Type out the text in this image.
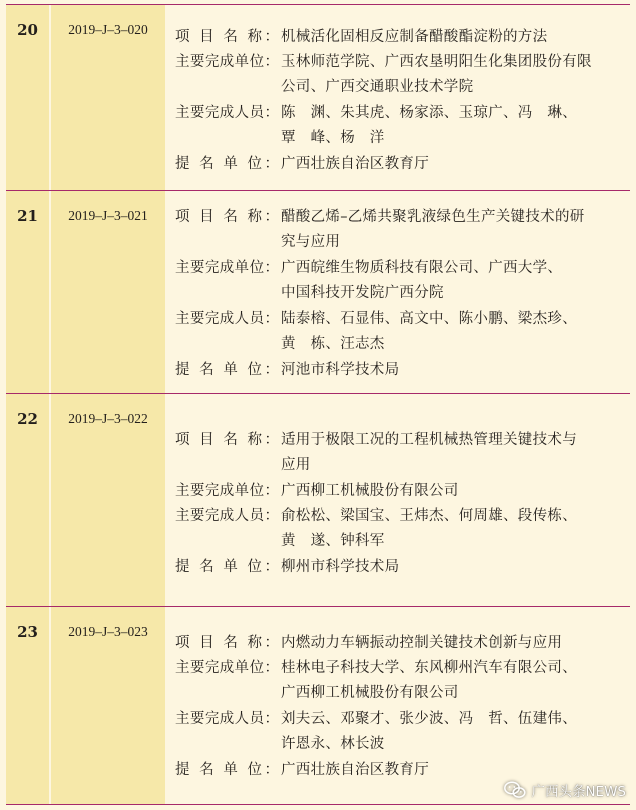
20	2019–J–3–020	项 目 名 称： 机械活化固相反应制备醋酸酯淀粉的方法
主要完成单位： 玉林师范学院、广西农垦明阳生化集团股份有限
公司、广西交通职业技术学院
主要完成人员： 陈　渊、朱其虎、杨家添、玉琼广、冯　琳、
覃　峰、杨　洋
提 名 单 位： 广西壮族自治区教育厅
21	2019–J–3–021	项 目 名 称： 醋酸乙烯–乙烯共聚乳液绿色生产关键技术的研
究与应用
主要完成单位： 广西皖维生物质科技有限公司、广西大学、
中国科技开发院广西分院
主要完成人员： 陆泰榕、石显伟、高文中、陈小鹏、梁杰珍、
黄　栋、汪志杰
提 名 单 位： 河池市科学技术局
22	2019–J–3–022
项 目 名 称： 适用于极限工况的工程机械热管理关键技术与
应用
主要完成单位： 广西柳工机械股份有限公司
主要完成人员： 俞松松、梁国宝、王炜杰、何周雄、段传栋、
黄　遂、钟科军
提 名 单 位： 柳州市科学技术局
23	2019–J–3–023
项 目 名 称： 内燃动力车辆振动控制关键技术创新与应用
主要完成单位： 桂林电子科技大学、东风柳州汽车有限公司、
广西柳工机械股份有限公司
主要完成人员： 刘夫云、邓聚才、张少波、冯　哲、伍建伟、
许恩永、林长波
提 名 单 位： 广西壮族自治区教育厅
广西头条NEWS
